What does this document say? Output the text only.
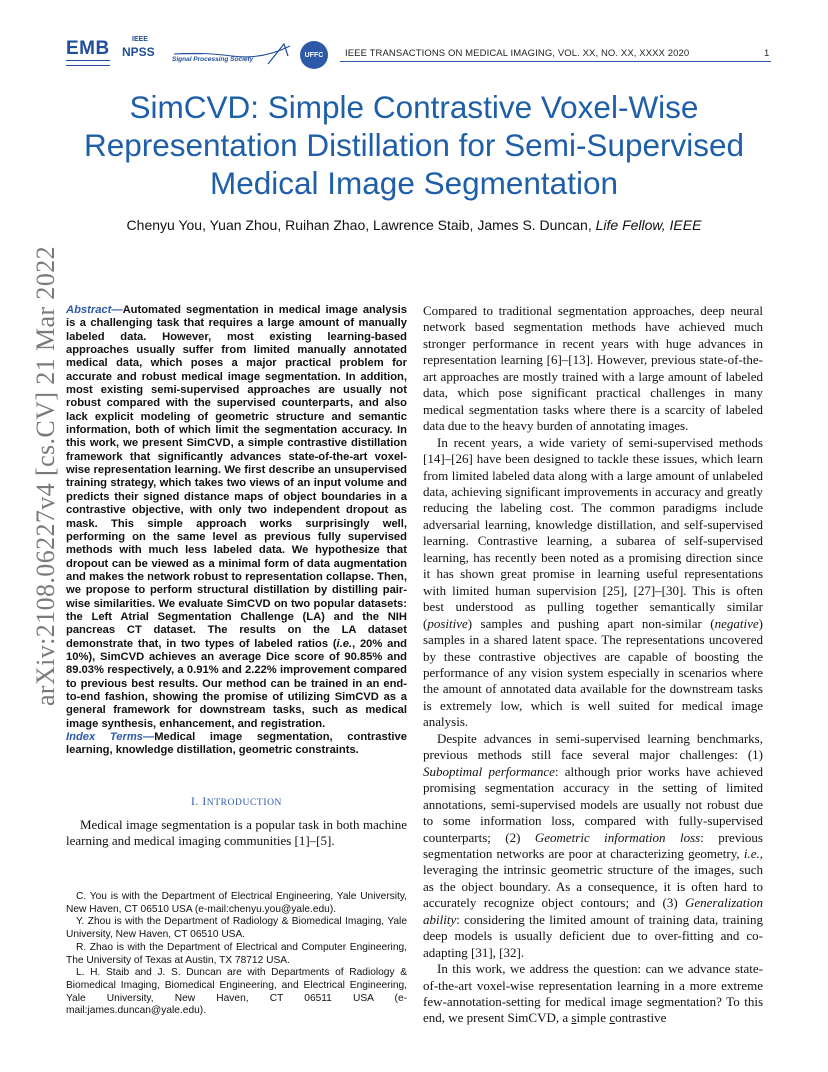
EMB	IEEE
NPSS
Signal Processing Society
UFFC	IEEE TRANSACTIONS ON MEDICAL IMAGING, VOL. XX, NO. XX, XXXX 2020	1
SimCVD: Simple Contrastive Voxel-Wise Representation Distillation for Semi-Supervised Medical Image Segmentation
Chenyu You, Yuan Zhou, Ruihan Zhao, Lawrence Staib, James S. Duncan, Life Fellow, IEEE
arXiv:2108.06227v4 [cs.CV] 21 Mar 2022 Abstract—Automated segmentation in medical image analysis is a challenging task that requires a large amount of manually labeled data. However, most existing learning-based approaches usually suffer from limited manually annotated medical data, which poses a major practical problem for accurate and robust medical image segmentation. In addition, most existing semi-supervised approaches are usually not robust compared with the supervised counterparts, and also lack explicit modeling of geometric structure and semantic information, both of which limit the segmentation accuracy. In this work, we present SimCVD, a simple contrastive distillation framework that significantly advances state-of-the-art voxel-wise representation learning. We first describe an unsupervised training strategy, which takes two views of an input volume and predicts their signed distance maps of object boundaries in a contrastive objective, with only two independent dropout as mask. This simple approach works surprisingly well, performing on the same level as previous fully supervised methods with much less labeled data. We hypothesize that dropout can be viewed as a minimal form of data augmentation and makes the network robust to representation collapse. Then, we propose to perform structural distillation by distilling pair-wise similarities. We evaluate SimCVD on two popular datasets: the Left Atrial Segmentation Challenge (LA) and the NIH pancreas CT dataset. The results on the LA dataset demonstrate that, in two types of labeled ratios (i.e., 20% and 10%), SimCVD achieves an average Dice score of 90.85% and 89.03% respectively, a 0.91% and 2.22% improvement compared to previous best results. Our method can be trained in an end-to-end fashion, showing the promise of utilizing SimCVD as a general framework for downstream tasks, such as medical image synthesis, enhancement, and registration.

Index Terms—Medical image segmentation, contrastive learning, knowledge distillation, geometric constraints.

I. INTRODUCTION

Medical image segmentation is a popular task in both machine learning and medical imaging communities [1]–[5].

C. You is with the Department of Electrical Engineering, Yale University, New Haven, CT 06510 USA (e-mail:chenyu.you@yale.edu).

Y. Zhou is with the Department of Radiology & Biomedical Imaging, Yale University, New Haven, CT 06510 USA.

R. Zhao is with the Department of Electrical and Computer Engineering, The University of Texas at Austin, TX 78712 USA.

L. H. Staib and J. S. Duncan are with Departments of Radiology & Biomedical Imaging, Biomedical Engineering, and Electrical Engineering, Yale University, New Haven, CT 06511 USA (e-mail:james.duncan@yale.edu).

Compared to traditional segmentation approaches, deep neural network based segmentation methods have achieved much stronger performance in recent years with huge advances in representation learning [6]–[13]. However, previous state-of-the-art approaches are mostly trained with a large amount of labeled data, which pose significant practical challenges in many medical segmentation tasks where there is a scarcity of labeled data due to the heavy burden of annotating images.

In recent years, a wide variety of semi-supervised methods [14]–[26] have been designed to tackle these issues, which learn from limited labeled data along with a large amount of unlabeled data, achieving significant improvements in accuracy and greatly reducing the labeling cost. The common paradigms include adversarial learning, knowledge distillation, and self-supervised learning. Contrastive learning, a subarea of self-supervised learning, has recently been noted as a promising direction since it has shown great promise in learning useful representations with limited human supervision [25], [27]–[30]. This is often best understood as pulling together semantically similar (positive) samples and pushing apart non-similar (negative) samples in a shared latent space. The representations uncovered by these contrastive objectives are capable of boosting the performance of any vision system especially in scenarios where the amount of annotated data available for the downstream tasks is extremely low, which is well suited for medical image analysis.

Despite advances in semi-supervised learning benchmarks, previous methods still face several major challenges: (1) Suboptimal performance: although prior works have achieved promising segmentation accuracy in the setting of limited annotations, semi-supervised models are usually not robust due to some information loss, compared with fully-supervised counterparts; (2) Geometric information loss: previous segmentation networks are poor at characterizing geometry, i.e., leveraging the intrinsic geometric structure of the images, such as the object boundary. As a consequence, it is often hard to accurately recognize object contours; and (3) Generalization ability: considering the limited amount of training data, training deep models is usually deficient due to over-fitting and co-adapting [31], [32].

In this work, we address the question: can we advance state-of-the-art voxel-wise representation learning in a more extreme few-annotation-setting for medical image segmentation? To this end, we present SimCVD, a simple contrastive
